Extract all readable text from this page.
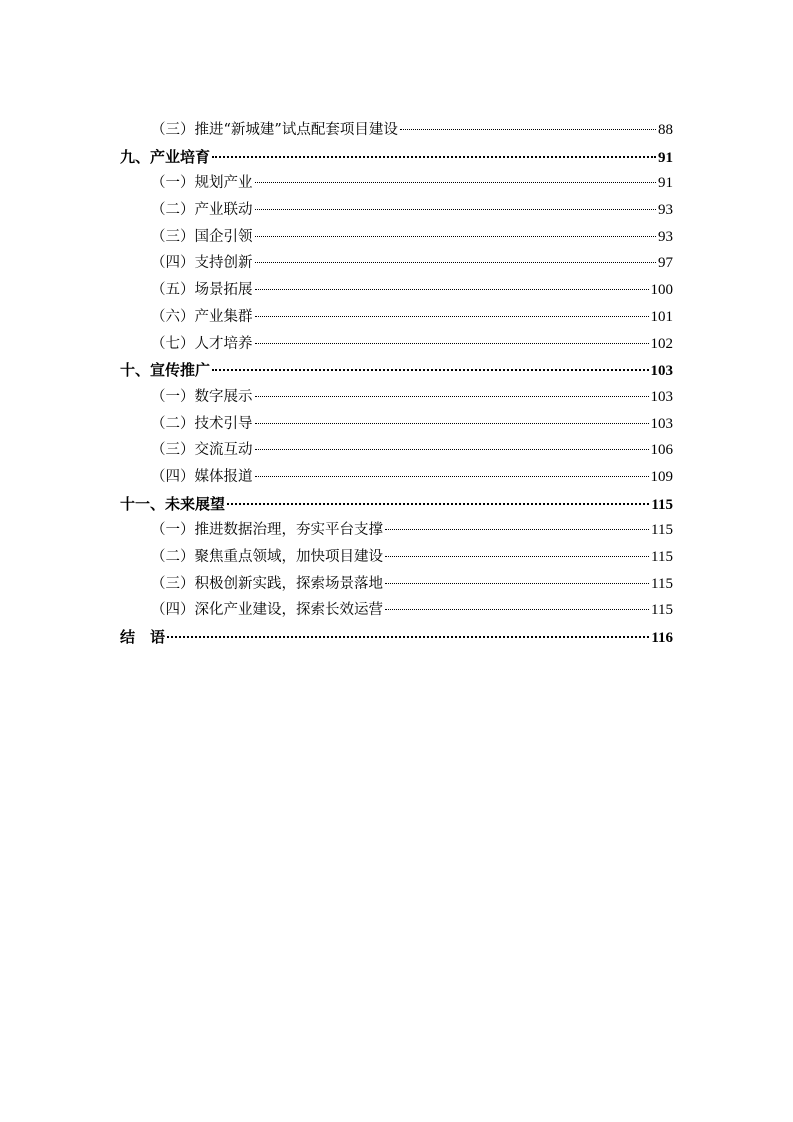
（三）推进“新城建”试点配套项目建设	88
九、产业培育	91
（一）规划产业	91
（二）产业联动	93
（三）国企引领	93
（四）支持创新	97
（五）场景拓展	100
（六）产业集群	101
（七）人才培养	102
十、宣传推广	103
（一）数字展示	103
（二）技术引导	103
（三）交流互动	106
（四）媒体报道	109
十一、未来展望	115
（一）推进数据治理，夯实平台支撑	115
（二）聚焦重点领域，加快项目建设	115
（三）积极创新实践，探索场景落地	115
（四）深化产业建设，探索长效运营	115
结　语	116
